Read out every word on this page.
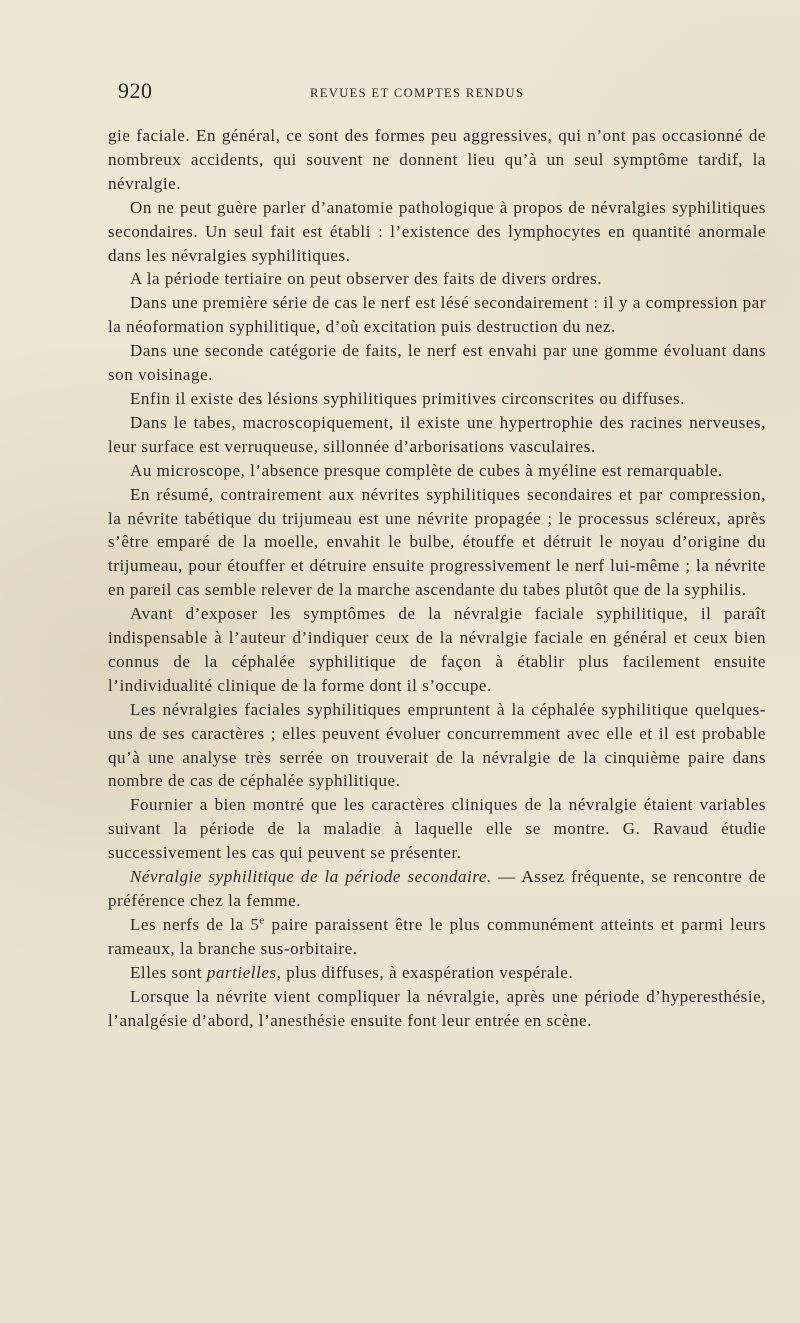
920	REVUES ET COMPTES RENDUS

gie faciale. En général, ce sont des formes peu aggressives, qui n’ont pas occasionné de nombreux accidents, qui souvent ne donnent lieu qu’à un seul symptôme tardif, la névralgie.

On ne peut guère parler d’anatomie pathologique à propos de névralgies syphilitiques secondaires. Un seul fait est établi : l’existence des lymphocytes en quantité anormale dans les névralgies syphilitiques.

A la période tertiaire on peut observer des faits de divers ordres.

Dans une première série de cas le nerf est lésé secondairement : il y a compression par la néoformation syphilitique, d’où excitation puis destruction du nez.

Dans une seconde catégorie de faits, le nerf est envahi par une gomme évoluant dans son voisinage.

Enfin il existe des lésions syphilitiques primitives circonscrites ou diffuses.

Dans le tabes, macroscopiquement, il existe une hypertrophie des racines nerveuses, leur surface est verruqueuse, sillonnée d’arborisations vasculaires.

Au microscope, l’absence presque complète de cubes à myéline est remarquable.

En résumé, contrairement aux névrites syphilitiques secondaires et par compression, la névrite tabétique du trijumeau est une névrite propagée ; le processus scléreux, après s’être emparé de la moelle, envahit le bulbe, étouffe et détruit le noyau d’origine du trijumeau, pour étouffer et détruire ensuite progressivement le nerf lui-même ; la névrite en pareil cas semble relever de la marche ascendante du tabes plutôt que de la syphilis.

Avant d’exposer les symptômes de la névralgie faciale syphilitique, il paraît indispensable à l’auteur d’indiquer ceux de la névralgie faciale en général et ceux bien connus de la céphalée syphilitique de façon à établir plus facilement ensuite l’individualité clinique de la forme dont il s’occupe.

Les névralgies faciales syphilitiques empruntent à la céphalée syphilitique quelques-uns de ses caractères ; elles peuvent évoluer concurremment avec elle et il est probable qu’à une analyse très serrée on trouverait de la névralgie de la cinquième paire dans nombre de cas de céphalée syphilitique.

Fournier a bien montré que les caractères cliniques de la névralgie étaient variables suivant la période de la maladie à laquelle elle se montre. G. Ravaud étudie successivement les cas qui peuvent se présenter.

Névralgie syphilitique de la période secondaire. — Assez fréquente, se rencontre de préférence chez la femme.

Les nerfs de la 5e paire paraissent être le plus communément atteints et parmi leurs rameaux, la branche sus-orbitaire.

Elles sont partielles, plus diffuses, à exaspération vespérale.

Lorsque la névrite vient compliquer la névralgie, après une période d’hyperesthésie, l’analgésie d’abord, l’anesthésie ensuite font leur entrée en scène.
